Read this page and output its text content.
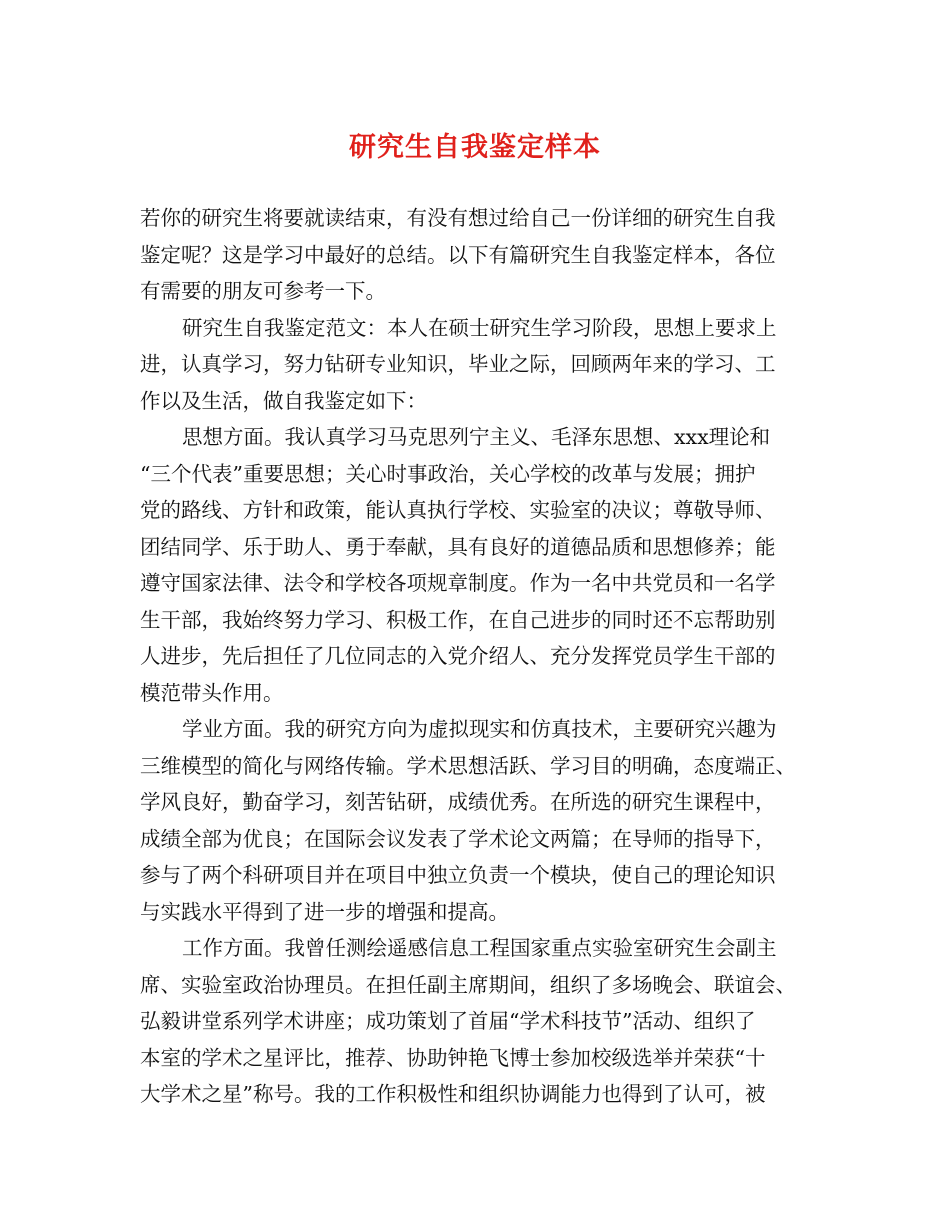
研究生自我鉴定样本
若你的研究生将要就读结束，有没有想过给自己一份详细的研究生自我
鉴定呢？这是学习中最好的总结。以下有篇研究生自我鉴定样本，各位
有需要的朋友可参考一下。
研究生自我鉴定范文：本人在硕士研究生学习阶段，思想上要求上
进，认真学习，努力钻研专业知识，毕业之际，回顾两年来的学习、工
作以及生活，做自我鉴定如下：
思想方面。我认真学习马克思列宁主义、毛泽东思想、xxx理论和
“三个代表”重要思想；关心时事政治，关心学校的改革与发展；拥护
党的路线、方针和政策，能认真执行学校、实验室的决议；尊敬导师、
团结同学、乐于助人、勇于奉献，具有良好的道德品质和思想修养；能
遵守国家法律、法令和学校各项规章制度。作为一名中共党员和一名学
生干部，我始终努力学习、积极工作，在自己进步的同时还不忘帮助别
人进步，先后担任了几位同志的入党介绍人、充分发挥党员学生干部的
模范带头作用。
学业方面。我的研究方向为虚拟现实和仿真技术，主要研究兴趣为
三维模型的简化与网络传输。学术思想活跃、学习目的明确，态度端正、
学风良好，勤奋学习，刻苦钻研，成绩优秀。在所选的研究生课程中，
成绩全部为优良；在国际会议发表了学术论文两篇；在导师的指导下，
参与了两个科研项目并在项目中独立负责一个模块，使自己的理论知识
与实践水平得到了进一步的增强和提高。
工作方面。我曾任测绘遥感信息工程国家重点实验室研究生会副主
席、实验室政治协理员。在担任副主席期间，组织了多场晚会、联谊会、
弘毅讲堂系列学术讲座；成功策划了首届“学术科技节”活动、组织了
本室的学术之星评比，推荐、协助钟艳飞博士参加校级选举并荣获“十
大学术之星”称号。我的工作积极性和组织协调能力也得到了认可，被
